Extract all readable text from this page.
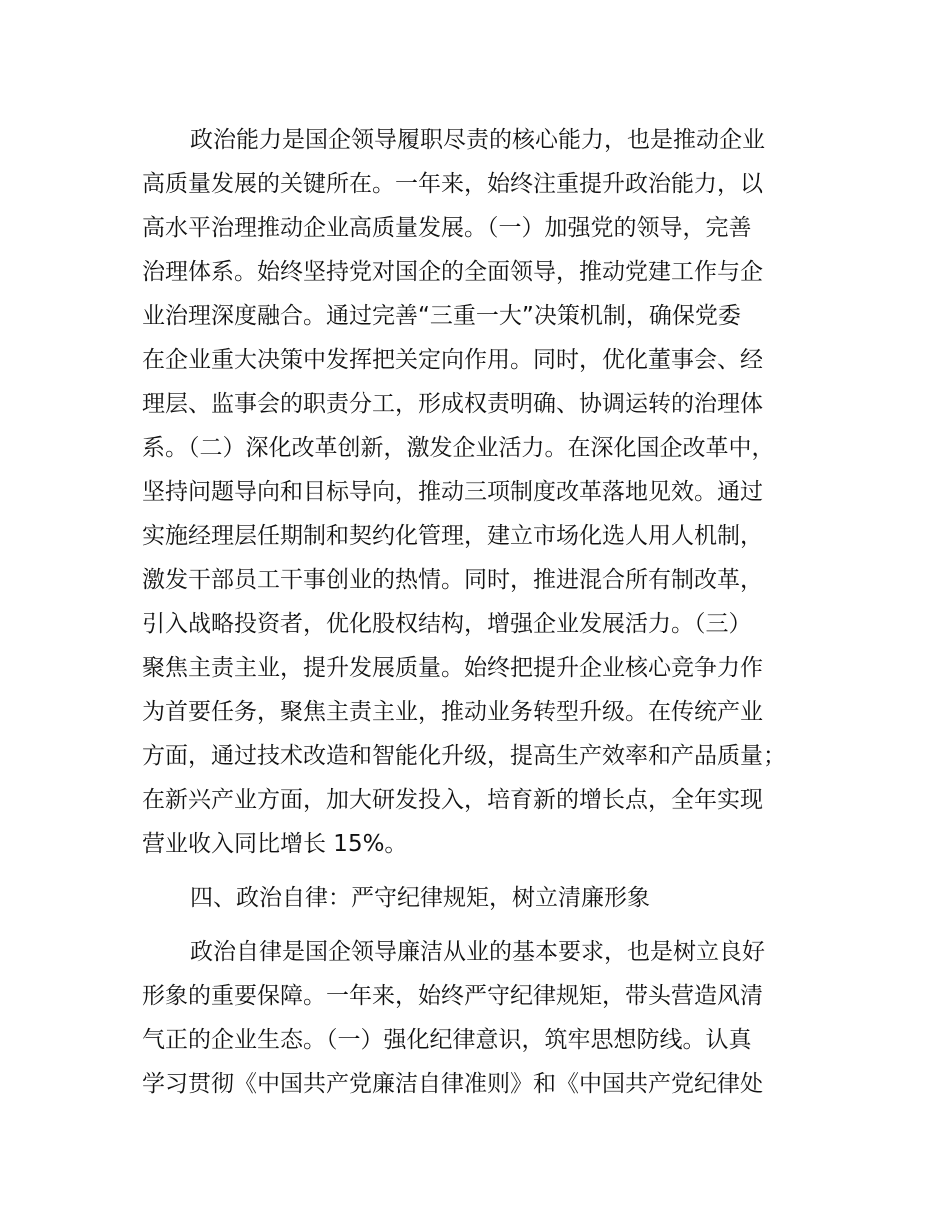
政治能力是国企领导履职尽责的核心能力，也是推动企业
高质量发展的关键所在。一年来，始终注重提升政治能力，以
高水平治理推动企业高质量发展。（一）加强党的领导，完善
治理体系。始终坚持党对国企的全面领导，推动党建工作与企
业治理深度融合。通过完善“三重一大”决策机制，确保党委
在企业重大决策中发挥把关定向作用。同时，优化董事会、经
理层、监事会的职责分工，形成权责明确、协调运转的治理体
系。（二）深化改革创新，激发企业活力。在深化国企改革中，
坚持问题导向和目标导向，推动三项制度改革落地见效。通过
实施经理层任期制和契约化管理，建立市场化选人用人机制，
激发干部员工干事创业的热情。同时，推进混合所有制改革，
引入战略投资者，优化股权结构，增强企业发展活力。（三）
聚焦主责主业，提升发展质量。始终把提升企业核心竞争力作
为首要任务，聚焦主责主业，推动业务转型升级。在传统产业
方面，通过技术改造和智能化升级，提高生产效率和产品质量；
在新兴产业方面，加大研发投入，培育新的增长点，全年实现
营业收入同比增长 15%。

四、政治自律：严守纪律规矩，树立清廉形象

政治自律是国企领导廉洁从业的基本要求，也是树立良好
形象的重要保障。一年来，始终严守纪律规矩，带头营造风清
气正的企业生态。（一）强化纪律意识，筑牢思想防线。认真
学习贯彻《中国共产党廉洁自律准则》和《中国共产党纪律处
